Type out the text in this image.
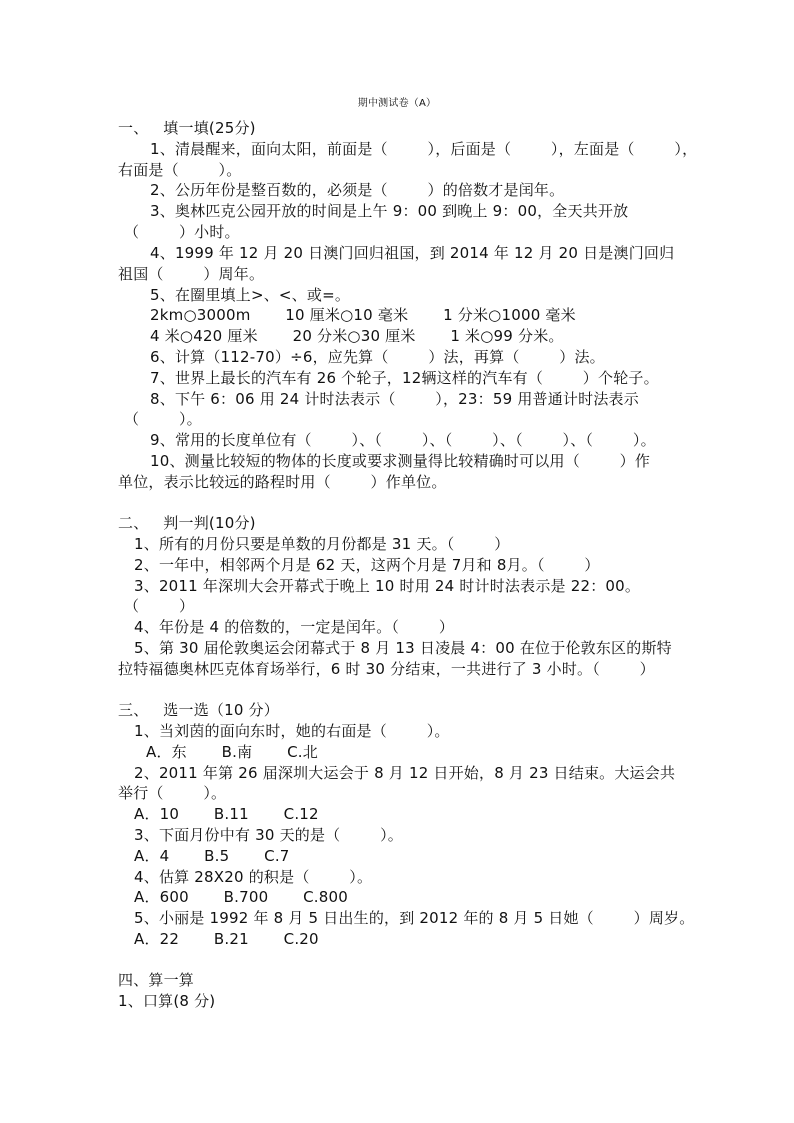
期中测试卷（A）
一、   填一填(25分)
1、清晨醒来，面向太阳，前面是（        ），后面是（        ），左面是（        ），
右面是（        ）。
2、公历年份是整百数的，必须是（        ）的倍数才是闰年。
3、奥林匹克公园开放的时间是上午 9：00 到晚上 9：00，全天共开放
（        ）小时。
4、1999 年 12 月 20 日澳门回归祖国，到 2014 年 12 月 20 日是澳门回归
祖国（        ）周年。
5、在圈里填上>、<、或=。
2km○3000m       10 厘米○10 毫米       1 分米○1000 毫米
4 米○420 厘米       20 分米○30 厘米       1 米○99 分米。
6、计算（112-70）÷6，应先算（        ）法，再算（        ）法。
7、世界上最长的汽车有 26 个轮子，12辆这样的汽车有（        ）个轮子。
8、下午 6：06 用 24 计时法表示（        ），23：59 用普通计时法表示
（        ）。
9、常用的长度单位有（        ）、（        ）、（        ）、（        ）、（        ）。
10、测量比较短的物体的长度或要求测量得比较精确时可以用（        ）作
单位，表示比较远的路程时用（        ）作单位。
二、   判一判(10分)
1、所有的月份只要是单数的月份都是 31 天。（        ）
2、一年中，相邻两个月是 62 天，这两个月是 7月和 8月。（        ）
3、2011 年深圳大会开幕式于晚上 10 时用 24 时计时法表示是 22：00。
（        ）
4、年份是 4 的倍数的，一定是闰年。（        ）
5、第 30 届伦敦奥运会闭幕式于 8 月 13 日凌晨 4：00 在位于伦敦东区的斯特
拉特福德奥林匹克体育场举行，6 时 30 分结束，一共进行了 3 小时。（        ）
三、   选一选（10 分）
1、当刘茵的面向东时，她的右面是（        ）。
A．东       B.南       C.北
2、2011 年第 26 届深圳大运会于 8 月 12 日开始，8 月 23 日结束。大运会共
举行（        ）。
A．10       B.11       C.12
3、下面月份中有 30 天的是（        ）。
A．4       B.5       C.7
4、估算 28X20 的积是（        ）。
A．600       B.700       C.800
5、小丽是 1992 年 8 月 5 日出生的，到 2012 年的 8 月 5 日她（        ）周岁。
A．22       B.21       C.20
四、算一算
1、口算(8 分)
